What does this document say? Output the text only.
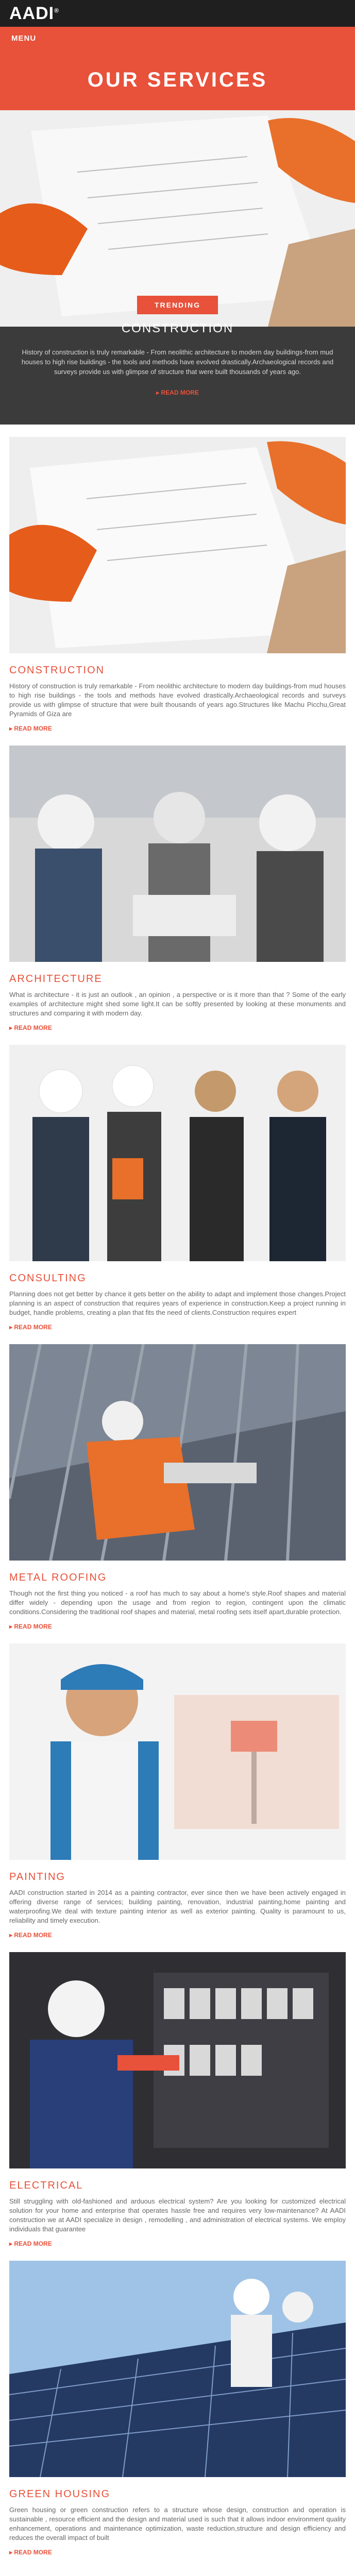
AADI®
MENU
OUR SERVICES
TRENDING
CONSTRUCTION
History of construction is truly remarkable - From neolithic architecture to modern day buildings-from mud houses to high rise buildings - the tools and methods have evolved drastically.Archaeological records and surveys provide us with glimpse of structure that were built thousands of years ago.
▸ READ MORE
CONSTRUCTION

History of construction is truly remarkable - From neolithic architecture to modern day buildings-from mud houses to high rise buildings - the tools and methods have evolved drastically.Archaeological records and surveys provide us with glimpse of structure that were built thousands of years ago.Structures like Machu Picchu,Great Pyramids of Giza are

▸ READ MORE
ARCHITECTURE

What is architecture - it is just an outlook , an opinion , a perspective or is it more than that ? Some of the early examples of architecture might shed some light.It can be softly presented by looking at these monuments and structures and comparing it with modern day.

▸ READ MORE
CONSULTING

Planning does not get better by chance it gets better on the ability to adapt and implement those changes.Project planning is an aspect of construction that requires years of experience in construction.Keep a project running in budget, handle problems, creating a plan that fits the need of clients.Construction requires expert

▸ READ MORE
METAL ROOFING

Though not the first thing you noticed - a roof has much to say about a home's style.Roof shapes and material differ widely - depending upon the usage and from region to region, contingent upon the climatic conditions.Considering the traditional roof shapes and material, metal roofing sets itself apart,durable protection.

▸ READ MORE
PAINTING

AADI construction started in 2014 as a painting contractor, ever since then we have been actively engaged in offering diverse range of services; building painting, renovation, industrial painting,home painting and waterproofing.We deal with texture painting interior as well as exterior painting. Quality is paramount to us, reliability and timely execution.

▸ READ MORE
ELECTRICAL

Still struggling with old-fashioned and arduous electrical system? Are you looking for customized electrical solution for your home and enterprise that operates hassle free and requires very low-maintenance? At AADI construction we at AADI specialize in design , remodelling , and administration of electrical systems. We employ individuals that guarantee

▸ READ MORE
GREEN HOUSING

Green housing or green construction refers to a structure whose design, construction and operation is sustainable , resource efficient and the design and material used is such that it allows indoor environment quality enhancement, operations and maintenance optimization, waste reduction,structure and design efficiency and reduces the overall impact of built

▸ READ MORE
